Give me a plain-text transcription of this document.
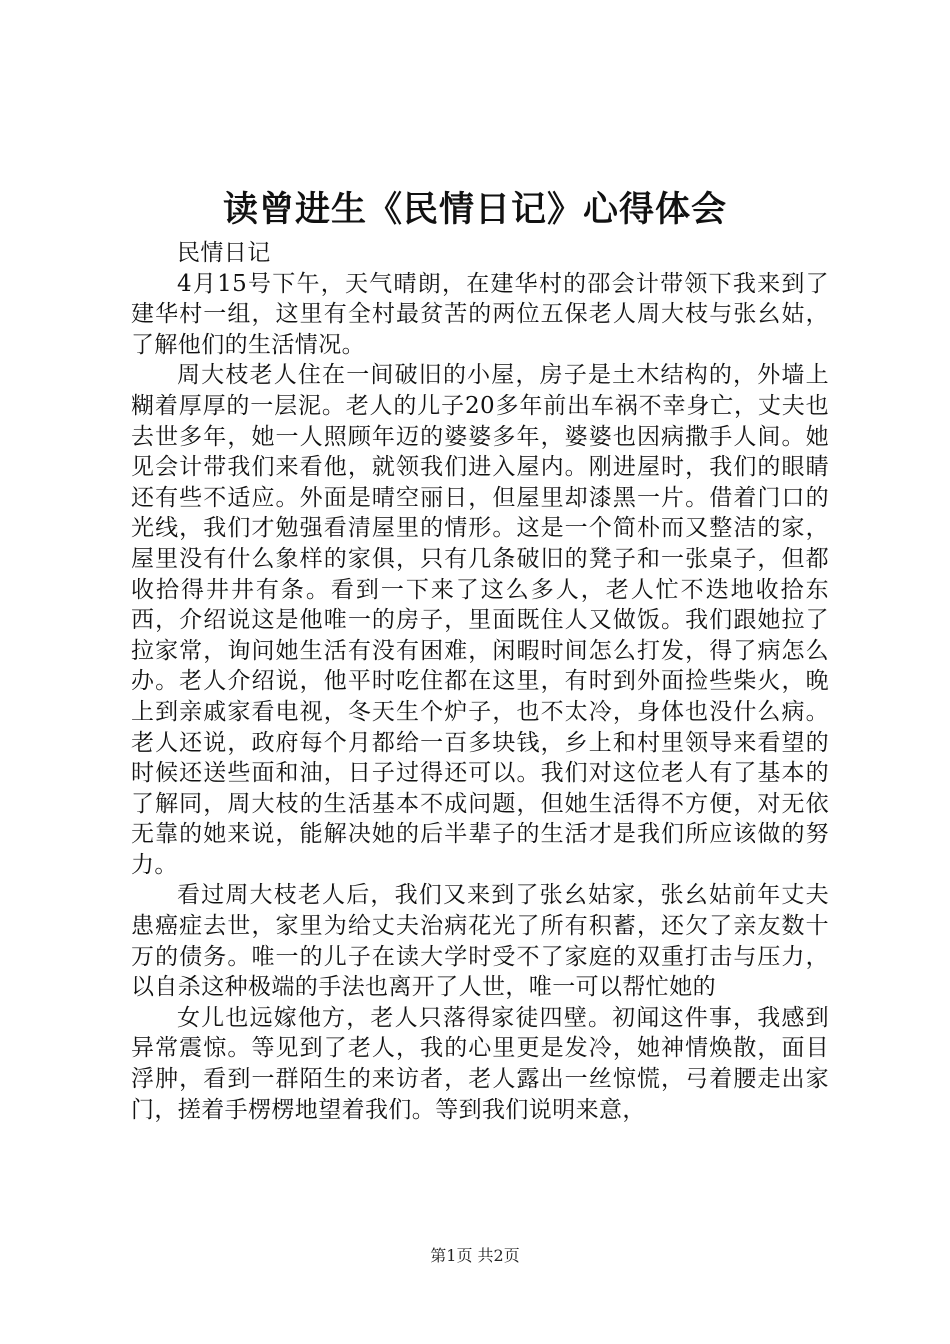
读曾进生《民情日记》心得体会

民情日记

4月15号下午，天气晴朗，在建华村的邵会计带领下我来到了建华村一组，这里有全村最贫苦的两位五保老人周大枝与张幺姑，了解他们的生活情况。

周大枝老人住在一间破旧的小屋，房子是土木结构的，外墙上糊着厚厚的一层泥。老人的儿子20多年前出车祸不幸身亡，丈夫也去世多年，她一人照顾年迈的婆婆多年，婆婆也因病撒手人间。她见会计带我们来看他，就领我们进入屋内。刚进屋时，我们的眼睛还有些不适应。外面是晴空丽日，但屋里却漆黑一片。借着门口的光线，我们才勉强看清屋里的情形。这是一个简朴而又整洁的家，屋里没有什么象样的家俱，只有几条破旧的凳子和一张桌子，但都收拾得井井有条。看到一下来了这么多人，老人忙不迭地收拾东西，介绍说这是他唯一的房子，里面既住人又做饭。我们跟她拉了拉家常，询问她生活有没有困难，闲暇时间怎么打发，得了病怎么办。老人介绍说，他平时吃住都在这里，有时到外面捡些柴火，晚上到亲戚家看电视，冬天生个炉子，也不太冷，身体也没什么病。老人还说，政府每个月都给一百多块钱，乡上和村里领导来看望的时候还送些面和油，日子过得还可以。我们对这位老人有了基本的了解同，周大枝的生活基本不成问题，但她生活得不方便，对无依无靠的她来说，能解决她的后半辈子的生活才是我们所应该做的努力。

看过周大枝老人后，我们又来到了张幺姑家，张幺姑前年丈夫患癌症去世，家里为给丈夫治病花光了所有积蓄，还欠了亲友数十万的债务。唯一的儿子在读大学时受不了家庭的双重打击与压力，以自杀这种极端的手法也离开了人世，唯一可以帮忙她的

女儿也远嫁他方，老人只落得家徒四壁。初闻这件事，我感到异常震惊。等见到了老人，我的心里更是发冷，她神情焕散，面目浮肿，看到一群陌生的来访者，老人露出一丝惊慌，弓着腰走出家门，搓着手楞楞地望着我们。等到我们说明来意，

第1页 共2页
